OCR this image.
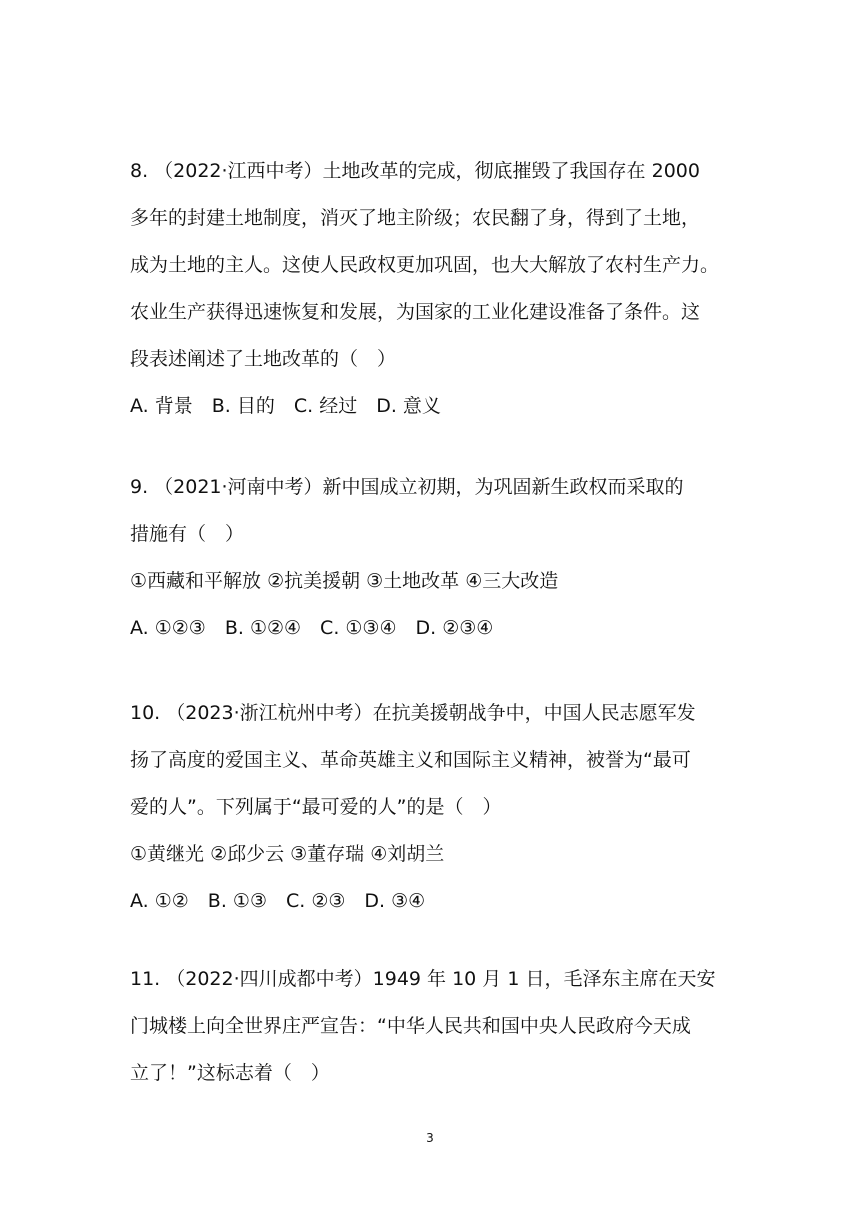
8. （2022·江西中考）土地改革的完成，彻底摧毁了我国存在 2000

多年的封建土地制度，消灭了地主阶级；农民翻了身，得到了土地，

成为土地的主人。这使人民政权更加巩固，也大大解放了农村生产力。

农业生产获得迅速恢复和发展，为国家的工业化建设准备了条件。这

段表述阐述了土地改革的（　）

A. 背景　B. 目的　C. 经过　D. 意义

9. （2021·河南中考）新中国成立初期，为巩固新生政权而采取的

措施有（　）

①西藏和平解放 ②抗美援朝 ③土地改革 ④三大改造

A. ①②③　B. ①②④　C. ①③④　D. ②③④

10. （2023·浙江杭州中考）在抗美援朝战争中，中国人民志愿军发

扬了高度的爱国主义、革命英雄主义和国际主义精神，被誉为“最可

爱的人”。下列属于“最可爱的人”的是（　）

①黄继光 ②邱少云 ③董存瑞 ④刘胡兰

A. ①②　B. ①③　C. ②③　D. ③④

11. （2022·四川成都中考）1949 年 10 月 1 日，毛泽东主席在天安

门城楼上向全世界庄严宣告：“中华人民共和国中央人民政府今天成

立了！”这标志着（　）

3
